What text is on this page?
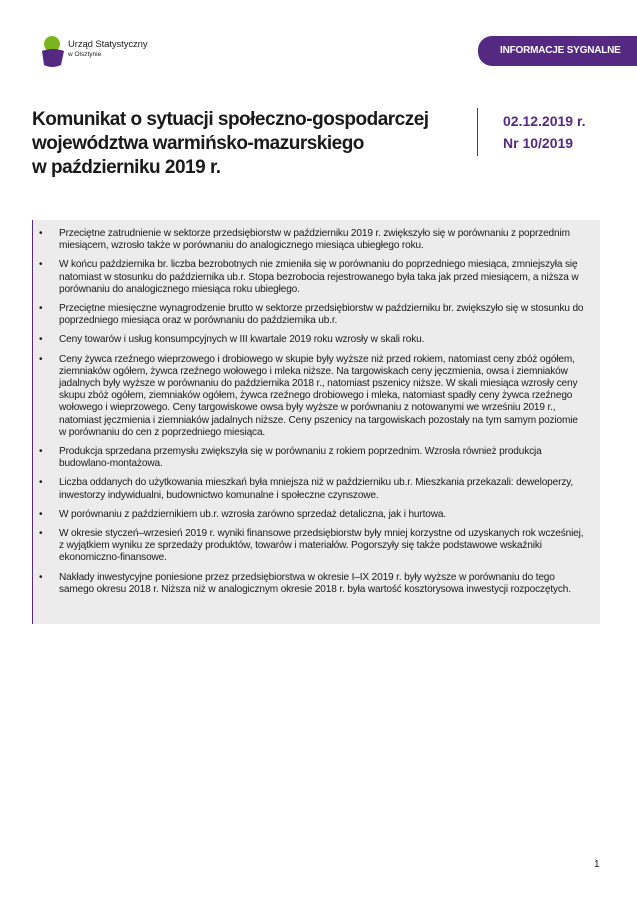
Urząd Statystyczny
w Olsztynie	INFORMACJE SYGNALNE
Komunikat o sytuacji społeczno-gospodarczej
województwa warmińsko-mazurskiego
w październiku 2019 r.
02.12.2019 r.
Nr 10/2019
• Przeciętne zatrudnienie w sektorze przedsiębiorstw w październiku 2019 r. zwiększyło się w porównaniu z poprzednim miesiącem, wzrosło także w porównaniu do analogicznego miesiąca ubiegłego roku.
• W końcu października br. liczba bezrobotnych nie zmieniła się w porównaniu do poprzedniego miesiąca, zmniejszyła się natomiast w stosunku do października ub.r. Stopa bezrobocia rejestrowanego była taka jak przed miesiącem, a niższa w porównaniu do analogicznego miesiąca roku ubiegłego.
• Przeciętne miesięczne wynagrodzenie brutto w sektorze przedsiębiorstw w październiku br. zwiększyło się w stosunku do poprzedniego miesiąca oraz w porównaniu do października ub.r.
• Ceny towarów i usług konsumpcyjnych w III kwartale 2019 roku wzrosły w skali roku.
• Ceny żywca rzeźnego wieprzowego i drobiowego w skupie były wyższe niż przed rokiem, natomiast ceny zbóż ogółem, ziemniaków ogółem, żywca rzeźnego wołowego i mleka niższe. Na targowiskach ceny jęczmienia, owsa i ziemniaków jadalnych były wyższe w porównaniu do października 2018 r., natomiast pszenicy niższe. W skali miesiąca wzrosły ceny skupu zbóż ogółem, ziemniaków ogółem, żywca rzeźnego drobiowego i mleka, natomiast spadły ceny żywca rzeźnego wołowego i wieprzowego. Ceny targowiskowe owsa były wyższe w porównaniu z notowanymi we wrześniu 2019 r., natomiast jęczmienia i ziemniaków jadalnych niższe. Ceny pszenicy na targowiskach pozostały na tym samym poziomie w porównaniu do cen z poprzedniego miesiąca.
• Produkcja sprzedana przemysłu zwiększyła się w porównaniu z rokiem poprzednim. Wzrosła również produkcja budowlano-montażowa.
• Liczba oddanych do użytkowania mieszkań była mniejsza niż w październiku ub.r. Mieszkania przekazali: deweloperzy, inwestorzy indywidualni, budownictwo komunalne i społeczne czynszowe.
• W porównaniu z październikiem ub.r. wzrosła zarówno sprzedaż detaliczna, jak i hurtowa.
• W okresie styczeń–wrzesień 2019 r. wyniki finansowe przedsiębiorstw były mniej korzystne od uzyskanych rok wcześniej, z wyjątkiem wyniku ze sprzedaży produktów, towarów i materiałów. Pogorszyły się także podstawowe wskaźniki ekonomiczno-finansowe.
• Nakłady inwestycyjne poniesione przez przedsiębiorstwa w okresie I–IX 2019 r. były wyższe w porównaniu do tego samego okresu 2018 r. Niższa niż w analogicznym okresie 2018 r. była wartość kosztorysowa inwestycji rozpoczętych.
1
